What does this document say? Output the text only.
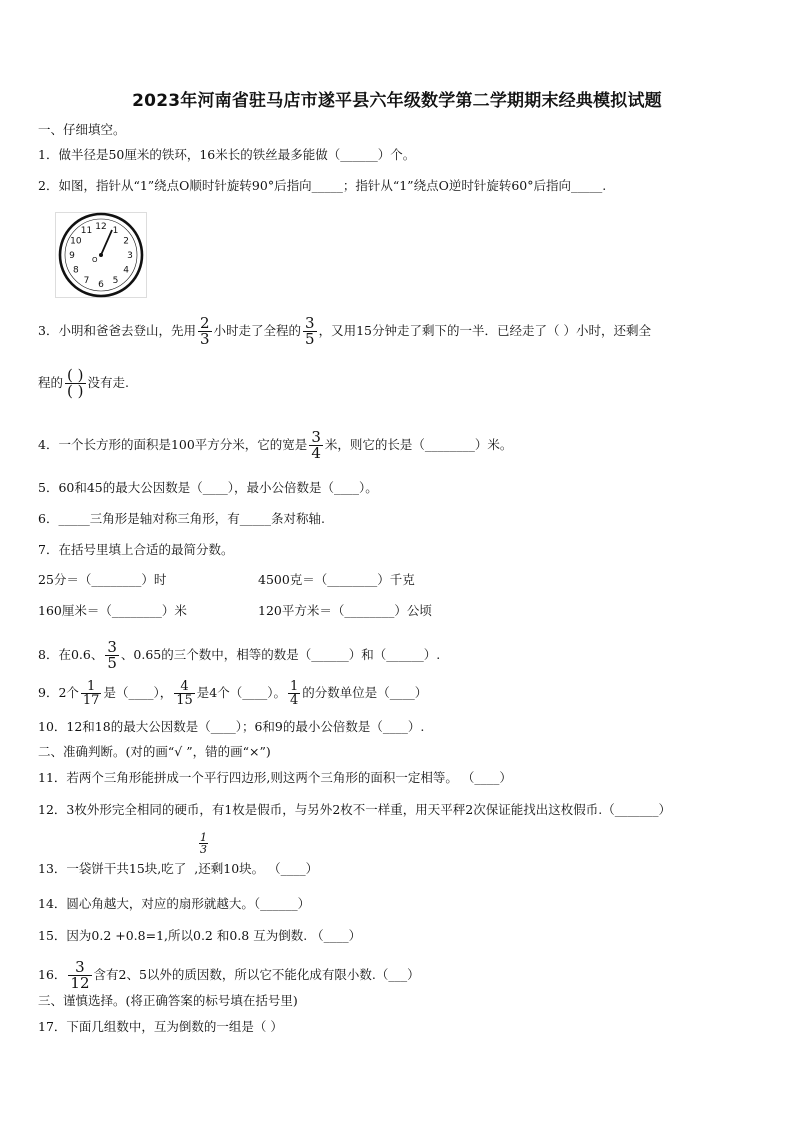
2023年河南省驻马店市遂平县六年级数学第二学期期末经典模拟试题
一、仔细填空。
1．做半径是50厘米的铁环，16米长的铁丝最多能做（______）个。
2．如图，指针从“1”绕点O顺时针旋转90°后指向_____；指针从“1”绕点O逆时针旋转60°后指向_____.
12 1
2
3
4
5
6
7
8
9
10
11
O
3．小明和爸爸去登山，先用 $\frac{2}{3}$ 小时走了全程的 $\frac{3}{5}$ ，又用15分钟走了剩下的一半．已经走了（ ）小时，还剩全
程的 $\frac{( )}{( )}$ 没有走.
4．一个长方形的面积是100平方分米，它的宽是 $\frac{3}{4}$ 米，则它的长是（________）米。
5．60和45的最大公因数是（____），最小公倍数是（____）。
6．_____三角形是轴对称三角形，有_____条对称轴.
7．在括号里填上合适的最简分数。
25分＝（________）时	4500克＝（________）千克
160厘米＝（________）米	120平方米＝（________）公顷
8．在0.6、 $\frac{3}{5}$ 、0.65的三个数中，相等的数是（______）和（______）.
9．2个 $\frac{1}{17}$ 是（____）， $\frac{4}{15}$ 是4个（____）。 $\frac{1}{4}$ 的分数单位是（____）
10．12和18的最大公因数是（____）；6和9的最小公倍数是（____）.
二、准确判断。(对的画“√ ”，错的画“×”)
11．若两个三角形能拼成一个平行四边形,则这两个三角形的面积一定相等。 （____）
12．3枚外形完全相同的硬币，有1枚是假币，与另外2枚不一样重，用天平秤2次保证能找出这枚假币.（_______）
$\frac{1}{3}$
13．一袋饼干共15块,吃了 ,还剩10块。 （____）
14．圆心角越大，对应的扇形就越大。（______）
15．因为0.2 +0.8=1,所以0.2 和0.8 互为倒数. （____）
16． $\frac{3}{12}$ 含有2、5以外的质因数，所以它不能化成有限小数.（___）
三、谨慎选择。(将正确答案的标号填在括号里)
17．下面几组数中，互为倒数的一组是（ ）
